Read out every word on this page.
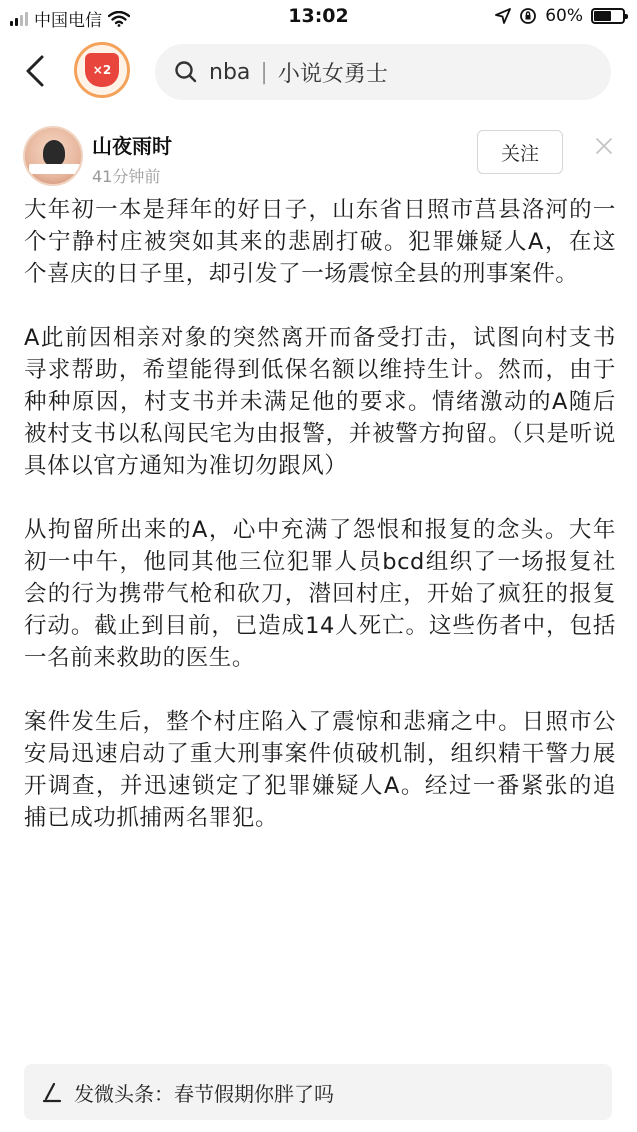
中国电信	13:02	60%
×2	nba | 小说女勇士
山夜雨时
41分钟前
关注

大年初一本是拜年的好日子，山东省日照市莒县洛河的一个宁静村庄被突如其来的悲剧打破。犯罪嫌疑人A，在这个喜庆的日子里，却引发了一场震惊全县的刑事案件。

A此前因相亲对象的突然离开而备受打击，试图向村支书寻求帮助，希望能得到低保名额以维持生计。然而，由于种种原因，村支书并未满足他的要求。情绪激动的A随后被村支书以私闯民宅为由报警，并被警方拘留。（只是听说具体以官方通知为准切勿跟风）

从拘留所出来的A，心中充满了怨恨和报复的念头。大年初一中午，他同其他三位犯罪人员bcd组织了一场报复社会的行为携带气枪和砍刀，潜回村庄，开始了疯狂的报复行动。截止到目前，已造成14人死亡。这些伤者中，包括一名前来救助的医生。

案件发生后，整个村庄陷入了震惊和悲痛之中。日照市公安局迅速启动了重大刑事案件侦破机制，组织精干警力展开调查，并迅速锁定了犯罪嫌疑人A。经过一番紧张的追捕已成功抓捕两名罪犯。

发微头条：春节假期你胖了吗
